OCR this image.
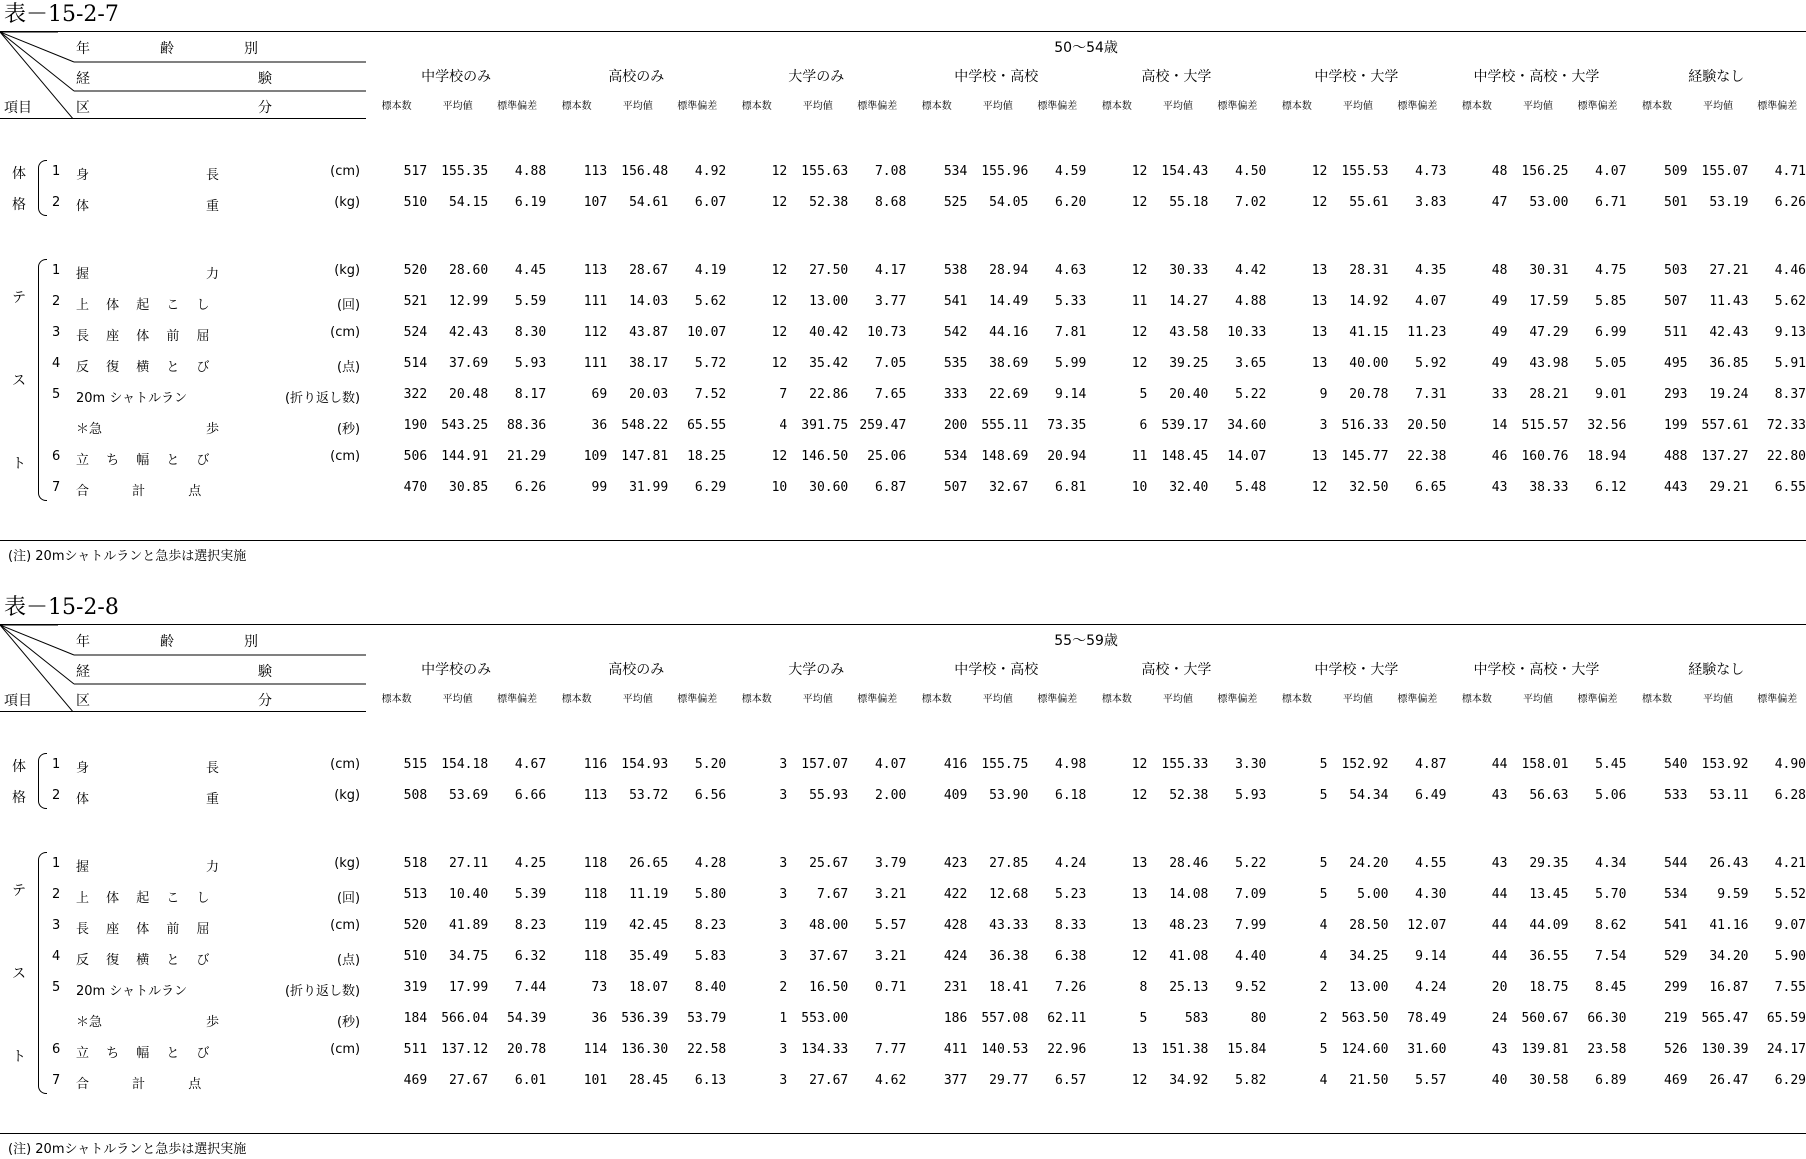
表－15-2-7
年　　　　　齢　　　　　別
経　　　　　　　　　　　　験
項目 区　　　　　　　　　　　　分	50～54歳																							
	中学校のみ			高校のみ			大学のみ			中学校・高校			高校・大学			中学校・大学			中学校・高校・大学			経験なし		
	標本数	平均値	標準偏差	標本数	平均値	標準偏差	標本数	平均値	標準偏差	標本数	平均値	標準偏差	標本数	平均値	標準偏差	標本数	平均値	標準偏差	標本数	平均値	標準偏差	標本数	平均値	標準偏差

1 身　　　　　　　　　長 (cm)	517	155.35	4.88	113	156.48	4.92	12	155.63	7.08	534	155.96	4.59	12	154.43	4.50	12	155.53	4.73	48	156.25	4.07	509	155.07	4.71

2 体　　　　　　　　　重 (kg)	510	54.15	6.19	107	54.61	6.07	12	52.38	8.68	525	54.05	6.20	12	55.18	7.02	12	55.61	3.83	47	53.00	6.71	501	53.19	6.26

1 握　　　　　　　　　力 (kg)	520	28.60	4.45	113	28.67	4.19	12	27.50	4.17	538	28.94	4.63	12	30.33	4.42	13	28.31	4.35	48	30.31	4.75	503	27.21	4.46

2 上　 体　 起　 こ　 し (回)	521	12.99	5.59	111	14.03	5.62	12	13.00	3.77	541	14.49	5.33	11	14.27	4.88	13	14.92	4.07	49	17.59	5.85	507	11.43	5.62

3 長　 座　 体　 前　 屈 (cm)	524	42.43	8.30	112	43.87	10.07	12	40.42	10.73	542	44.16	7.81	12	43.58	10.33	13	41.15	11.23	49	47.29	6.99	511	42.43	9.13

4 反　 復　 横　 と　 び (点)	514	37.69	5.93	111	38.17	5.72	12	35.42	7.05	535	38.69	5.99	12	39.25	3.65	13	40.00	5.92	49	43.98	5.05	495	36.85	5.91

5 20m シャトルラン (折り返し数)	322	20.48	8.17	69	20.03	7.52	7	22.86	7.65	333	22.69	9.14	5	20.40	5.22	9	20.78	7.31	33	28.21	9.01	293	19.24	8.37

＊急　　　　　　　　歩 (秒)	190	543.25	88.36	36	548.22	65.55	4	391.75	259.47	200	555.11	73.35	6	539.17	34.60	3	516.33	20.50	14	515.57	32.56	199	557.61	72.33

6 立　 ち　 幅　 と　 び (cm)	506	144.91	21.29	109	147.81	18.25	12	146.50	25.06	534	148.69	20.94	11	148.45	14.07	13	145.77	22.38	46	160.76	18.94	488	137.27	22.80

7 合　　　 計　　　 点	470	30.85	6.26	99	31.99	6.29	10	30.60	6.87	507	32.67	6.81	10	32.40	5.48	12	32.50	6.65	43	38.33	6.12	443	29.21	6.55

体
格
テ
ス
ト
(注) 20mシャトルランと急歩は選択実施
表－15-2-8
年　　　　　齢　　　　　別
経　　　　　　　　　　　　験
項目 区　　　　　　　　　　　　分	55～59歳																							
	中学校のみ			高校のみ			大学のみ			中学校・高校			高校・大学			中学校・大学			中学校・高校・大学			経験なし		
	標本数	平均値	標準偏差	標本数	平均値	標準偏差	標本数	平均値	標準偏差	標本数	平均値	標準偏差	標本数	平均値	標準偏差	標本数	平均値	標準偏差	標本数	平均値	標準偏差	標本数	平均値	標準偏差

1 身　　　　　　　　　長 (cm)	515	154.18	4.67	116	154.93	5.20	3	157.07	4.07	416	155.75	4.98	12	155.33	3.30	5	152.92	4.87	44	158.01	5.45	540	153.92	4.90

2 体　　　　　　　　　重 (kg)	508	53.69	6.66	113	53.72	6.56	3	55.93	2.00	409	53.90	6.18	12	52.38	5.93	5	54.34	6.49	43	56.63	5.06	533	53.11	6.28

1 握　　　　　　　　　力 (kg)	518	27.11	4.25	118	26.65	4.28	3	25.67	3.79	423	27.85	4.24	13	28.46	5.22	5	24.20	4.55	43	29.35	4.34	544	26.43	4.21

2 上　 体　 起　 こ　 し (回)	513	10.40	5.39	118	11.19	5.80	3	7.67	3.21	422	12.68	5.23	13	14.08	7.09	5	5.00	4.30	44	13.45	5.70	534	9.59	5.52

3 長　 座　 体　 前　 屈 (cm)	520	41.89	8.23	119	42.45	8.23	3	48.00	5.57	428	43.33	8.33	13	48.23	7.99	4	28.50	12.07	44	44.09	8.62	541	41.16	9.07

4 反　 復　 横　 と　 び (点)	510	34.75	6.32	118	35.49	5.83	3	37.67	3.21	424	36.38	6.38	12	41.08	4.40	4	34.25	9.14	44	36.55	7.54	529	34.20	5.90

5 20m シャトルラン (折り返し数)	319	17.99	7.44	73	18.07	8.40	2	16.50	0.71	231	18.41	7.26	8	25.13	9.52	2	13.00	4.24	20	18.75	8.45	299	16.87	7.55

＊急　　　　　　　　歩 (秒)	184	566.04	54.39	36	536.39	53.79	1	553.00		186	557.08	62.11	5	583	80	2	563.50	78.49	24	560.67	66.30	219	565.47	65.59

6 立　 ち　 幅　 と　 び (cm)	511	137.12	20.78	114	136.30	22.58	3	134.33	7.77	411	140.53	22.96	13	151.38	15.84	5	124.60	31.60	43	139.81	23.58	526	130.39	24.17

7 合　　　 計　　　 点	469	27.67	6.01	101	28.45	6.13	3	27.67	4.62	377	29.77	6.57	12	34.92	5.82	4	21.50	5.57	40	30.58	6.89	469	26.47	6.29

体
格
テ
ス
ト
(注) 20mシャトルランと急歩は選択実施
